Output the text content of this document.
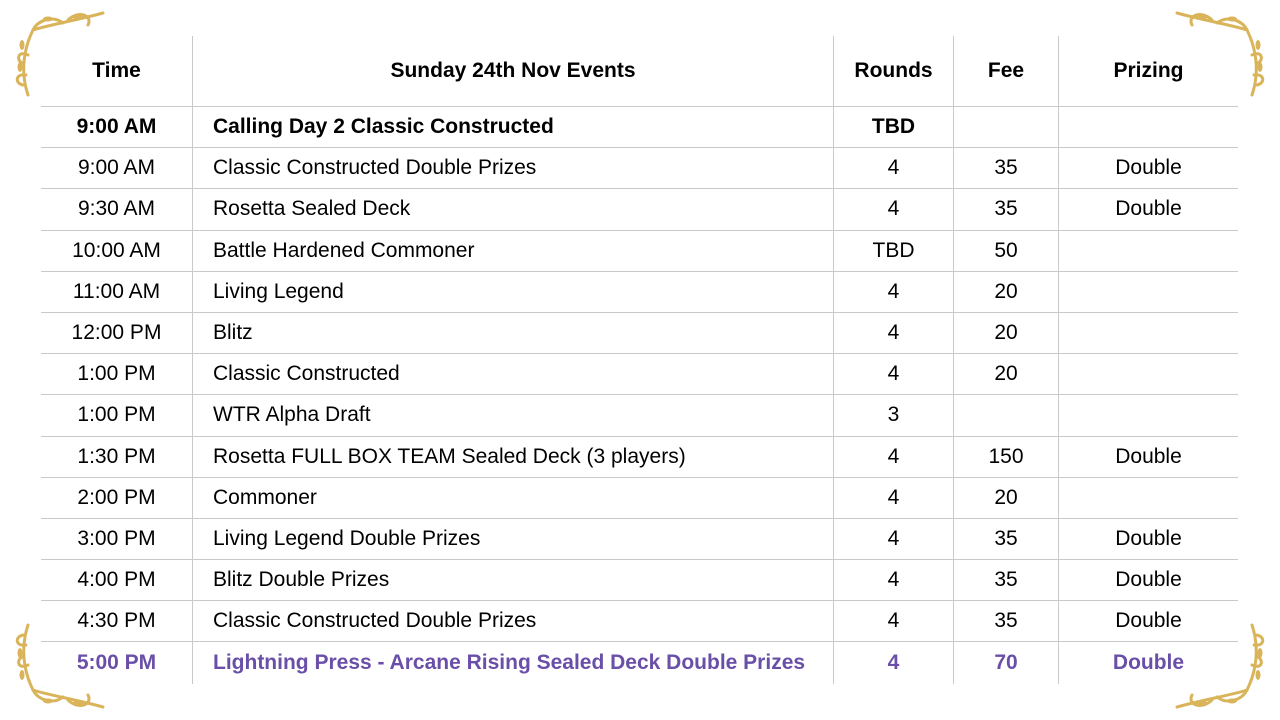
Time	Sunday 24th Nov Events	Rounds	Fee	Prizing
9:00 AM	Calling Day 2 Classic Constructed	TBD
9:00 AM	Classic Constructed Double Prizes	4	35	Double
9:30 AM	Rosetta Sealed Deck	4	35	Double
10:00 AM	Battle Hardened Commoner	TBD	50
11:00 AM	Living Legend	4	20
12:00 PM	Blitz	4	20
1:00 PM	Classic Constructed	4	20
1:00 PM	WTR Alpha Draft	3
1:30 PM	Rosetta FULL BOX TEAM Sealed Deck (3 players)	4	150	Double
2:00 PM	Commoner	4	20
3:00 PM	Living Legend Double Prizes	4	35	Double
4:00 PM	Blitz Double Prizes	4	35	Double
4:30 PM	Classic Constructed Double Prizes	4	35	Double
5:00 PM	Lightning Press - Arcane Rising Sealed Deck Double Prizes	4	70	Double
